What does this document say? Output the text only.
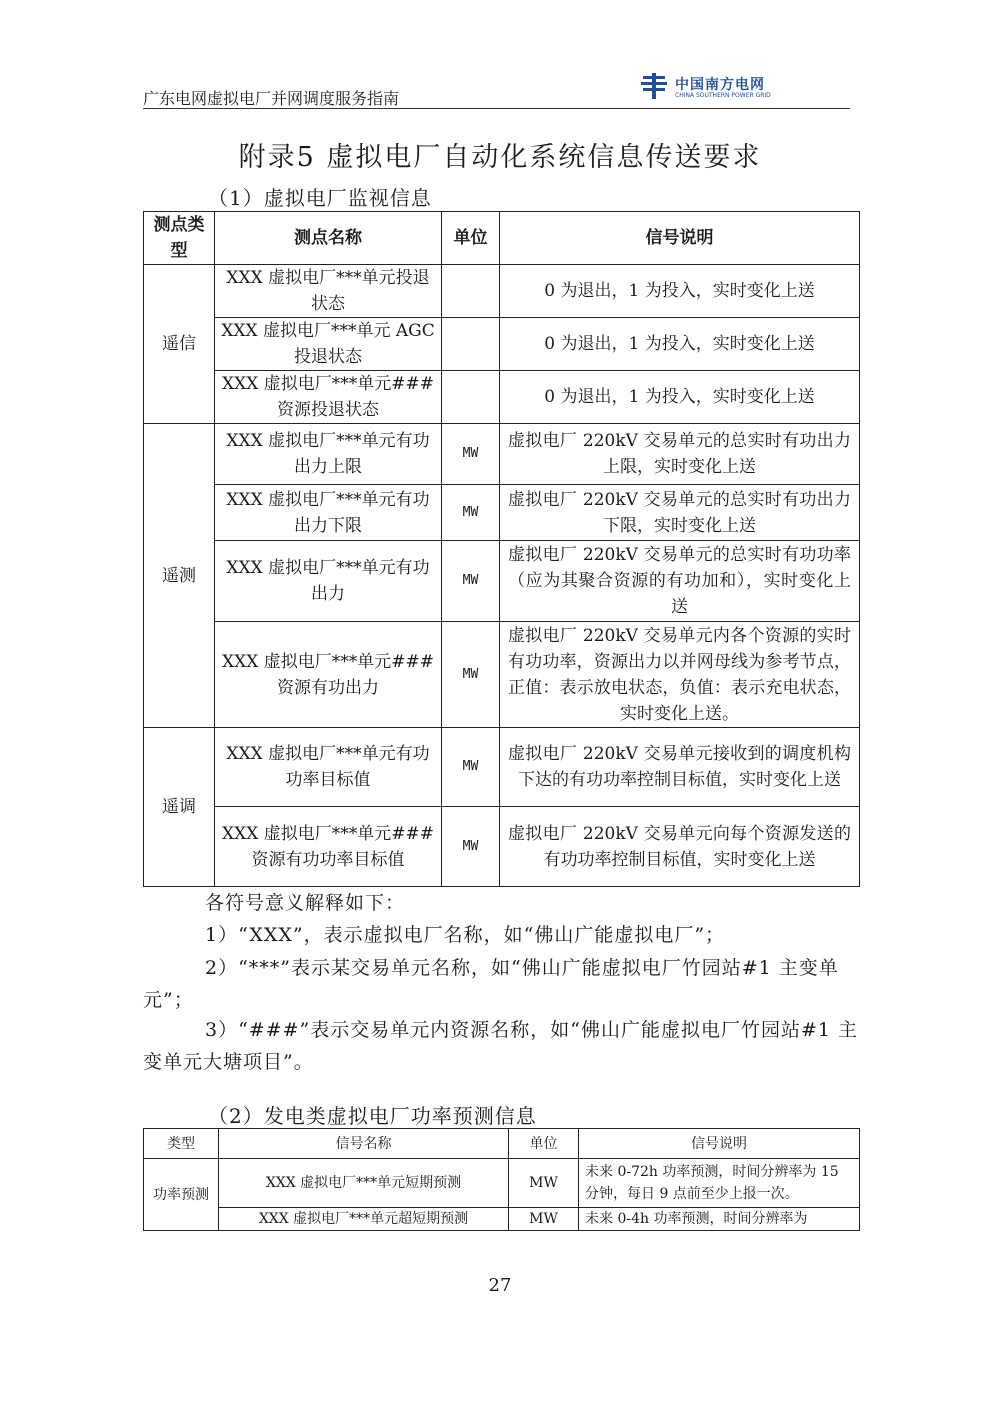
广东电网虚拟电厂并网调度服务指南
中国南方电网
CHINA SOUTHERN POWER GRID
附录5 虚拟电厂自动化系统信息传送要求
（1）虚拟电厂监视信息
测点类型	测点名称	单位	信号说明
遥信	XXX 虚拟电厂***单元投退状态		0 为退出，1 为投入，实时变化上送
	XXX 虚拟电厂***单元 AGC 投退状态		0 为退出，1 为投入，实时变化上送
	XXX 虚拟电厂***单元###资源投退状态		0 为退出，1 为投入，实时变化上送
遥测	XXX 虚拟电厂***单元有功出力上限	MW	虚拟电厂 220kV 交易单元的总实时有功出力上限，实时变化上送
	XXX 虚拟电厂***单元有功出力下限	MW	虚拟电厂 220kV 交易单元的总实时有功出力下限，实时变化上送
	XXX 虚拟电厂***单元有功出力	MW	虚拟电厂 220kV 交易单元的总实时有功功率（应为其聚合资源的有功加和），实时变化上送
	XXX 虚拟电厂***单元###资源有功出力	MW	虚拟电厂 220kV 交易单元内各个资源的实时有功功率，资源出力以并网母线为参考节点，正值：表示放电状态，负值：表示充电状态，实时变化上送。
遥调	XXX 虚拟电厂***单元有功功率目标值	MW	虚拟电厂 220kV 交易单元接收到的调度机构下达的有功功率控制目标值，实时变化上送
	XXX 虚拟电厂***单元###资源有功功率目标值	MW	虚拟电厂 220kV 交易单元向每个资源发送的有功功率控制目标值，实时变化上送
各符号意义解释如下：
1）“XXX”，表示虚拟电厂名称，如“佛山广能虚拟电厂”；
2）“***”表示某交易单元名称，如“佛山广能虚拟电厂竹园站#1 主变单元”；
3）“###”表示交易单元内资源名称，如“佛山广能虚拟电厂竹园站#1 主变单元大塘项目”。
（2）发电类虚拟电厂功率预测信息
类型	信号名称	单位	信号说明
功率预测	XXX 虚拟电厂***单元短期预测	MW	未来 0-72h 功率预测，时间分辨率为 15 分钟，每日 9 点前至少上报一次。
	XXX 虚拟电厂***单元超短期预测	MW	未来 0-4h 功率预测，时间分辨率为
27
